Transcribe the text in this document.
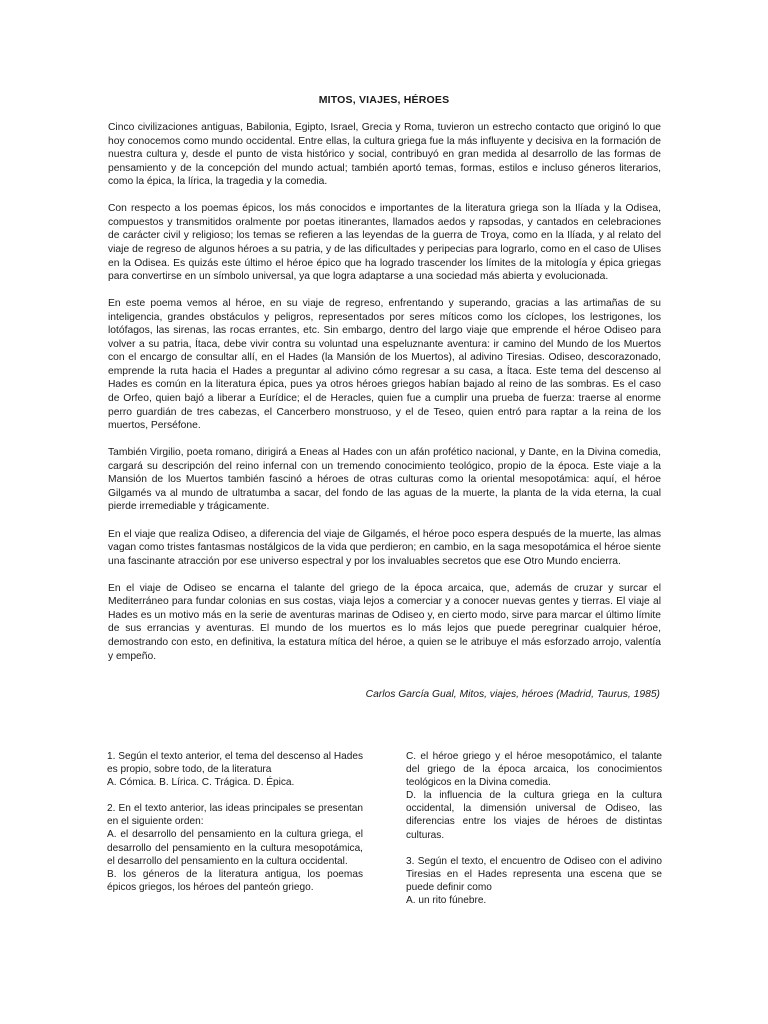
MITOS, VIAJES, HÉROES

Cinco civilizaciones antiguas, Babilonia, Egipto, Israel, Grecia y Roma, tuvieron un estrecho contacto que originó lo que hoy conocemos como mundo occidental. Entre ellas, la cultura griega fue la más influyente y decisiva en la formación de nuestra cultura y, desde el punto de vista histórico y social, contribuyó en gran medida al desarrollo de las formas de pensamiento y de la concepción del mundo actual; también aportó temas, formas, estilos e incluso géneros literarios, como la épica, la lírica, la tragedia y la comedia.

Con respecto a los poemas épicos, los más conocidos e importantes de la literatura griega son la Ilíada y la Odisea, compuestos y transmitidos oralmente por poetas itinerantes, llamados aedos y rapsodas, y cantados en celebraciones de carácter civil y religioso; los temas se refieren a las leyendas de la guerra de Troya, como en la Ilíada, y al relato del viaje de regreso de algunos héroes a su patria, y de las dificultades y peripecias para lograrlo, como en el caso de Ulises en la Odisea. Es quizás este último el héroe épico que ha logrado trascender los límites de la mitología y épica griegas para convertirse en un símbolo universal, ya que logra adaptarse a una sociedad más abierta y evolucionada.

En este poema vemos al héroe, en su viaje de regreso, enfrentando y superando, gracias a las artimañas de su inteligencia, grandes obstáculos y peligros, representados por seres míticos como los cíclopes, los lestrigones, los lotófagos, las sirenas, las rocas errantes, etc. Sin embargo, dentro del largo viaje que emprende el héroe Odiseo para volver a su patria, Ítaca, debe vivir contra su voluntad una espeluznante aventura: ir camino del Mundo de los Muertos con el encargo de consultar allí, en el Hades (la Mansión de los Muertos), al adivino Tiresias. Odiseo, descorazonado, emprende la ruta hacia el Hades a preguntar al adivino cómo regresar a su casa, a Ítaca. Este tema del descenso al Hades es común en la literatura épica, pues ya otros héroes griegos habían bajado al reino de las sombras. Es el caso de Orfeo, quien bajó a liberar a Eurídice; el de Heracles, quien fue a cumplir una prueba de fuerza: traerse al enorme perro guardián de tres cabezas, el Cancerbero monstruoso, y el de Teseo, quien entró para raptar a la reina de los muertos, Perséfone.

También Virgilio, poeta romano, dirigirá a Eneas al Hades con un afán profético nacional, y Dante, en la Divina comedia, cargará su descripción del reino infernal con un tremendo conocimiento teológico, propio de la época. Este viaje a la Mansión de los Muertos también fascinó a héroes de otras culturas como la oriental mesopotámica: aquí, el héroe Gilgamés va al mundo de ultratumba a sacar, del fondo de las aguas de la muerte, la planta de la vida eterna, la cual pierde irremediable y trágicamente.

En el viaje que realiza Odiseo, a diferencia del viaje de Gilgamés, el héroe poco espera después de la muerte, las almas vagan como tristes fantasmas nostálgicos de la vida que perdieron; en cambio, en la saga mesopotámica el héroe siente una fascinante atracción por ese universo espectral y por los invaluables secretos que ese Otro Mundo encierra.

En el viaje de Odiseo se encarna el talante del griego de la época arcaica, que, además de cruzar y surcar el Mediterráneo para fundar colonias en sus costas, viaja lejos a comerciar y a conocer nuevas gentes y tierras. El viaje al Hades es un motivo más en la serie de aventuras marinas de Odiseo y, en cierto modo, sirve para marcar el último límite de sus errancias y aventuras. El mundo de los muertos es lo más lejos que puede peregrinar cualquier héroe, demostrando con esto, en definitiva, la estatura mítica del héroe, a quien se le atribuye el más esforzado arrojo, valentía y empeño.

Carlos García Gual, Mitos, viajes, héroes (Madrid, Taurus, 1985)

1. Según el texto anterior, el tema del descenso al Hades es propio, sobre todo, de la literatura
A. Cómica. B. Lírica. C. Trágica. D. Épica.

2. En el texto anterior, las ideas principales se presentan en el siguiente orden:
A. el desarrollo del pensamiento en la cultura griega, el desarrollo del pensamiento en la cultura mesopotámica, el desarrollo del pensamiento en la cultura occidental.
B. los géneros de la literatura antigua, los poemas épicos griegos, los héroes del panteón griego.

C. el héroe griego y el héroe mesopotámico, el talante del griego de la época arcaica, los conocimientos teológicos en la Divina comedia.
D. la influencia de la cultura griega en la cultura occidental, la dimensión universal de Odiseo, las diferencias entre los viajes de héroes de distintas culturas.

3. Según el texto, el encuentro de Odiseo con el adivino Tiresias en el Hades representa una escena que se puede definir como
A. un rito fúnebre.
